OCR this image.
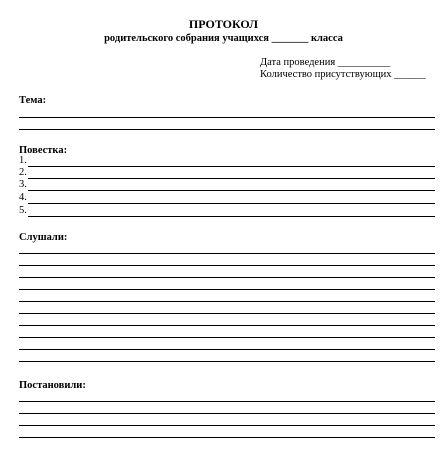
ПРОТОКОЛ
родительского собрания учащихся _______ класса
Дата проведения __________
Количество присутствующих ______
Тема:
Повестка:
1.
2.
3.
4.
5.
Слушали:
Постановили:
